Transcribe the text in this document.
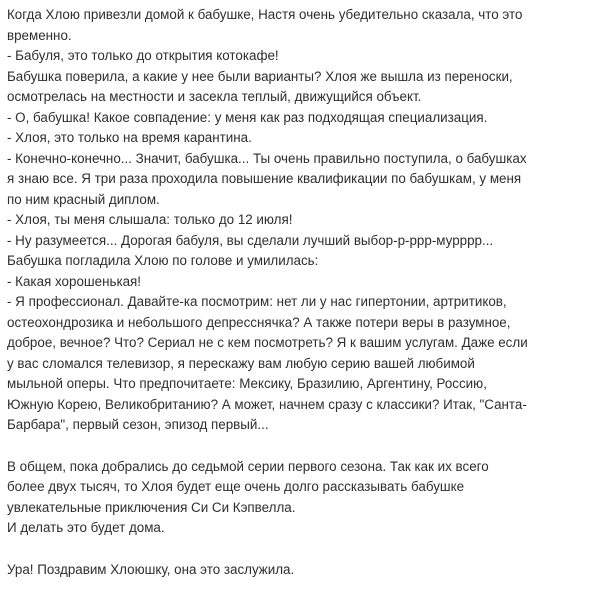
Когда Хлою привезли домой к бабушке, Настя очень убедительно сказала, что это
временно.
- Бабуля, это только до открытия котокафе!
Бабушка поверила, а какие у нее были варианты? Хлоя же вышла из переноски,
осмотрелась на местности и засекла теплый, движущийся объект.
- О, бабушка! Какое совпадение: у меня как раз подходящая специализация.
- Хлоя, это только на время карантина.
- Конечно-конечно... Значит, бабушка... Ты очень правильно поступила, о бабушках
я знаю все. Я три раза проходила повышение квалификации по бабушкам, у меня
по ним красный диплом.
- Хлоя, ты меня слышала: только до 12 июля!
- Ну разумеется... Дорогая бабуля, вы сделали лучший выбор-р-ррр-мурррр...
Бабушка погладила Хлою по голове и умилилась:
- Какая хорошенькая!
- Я профессионал. Давайте-ка посмотрим: нет ли у нас гипертонии, артритиков,
остеохондрозика и небольшого депресснячка? А также потери веры в разумное,
доброе, вечное? Что? Сериал не с кем посмотреть? Я к вашим услугам. Даже если
у вас сломался телевизор, я перескажу вам любую серию вашей любимой
мыльной оперы. Что предпочитаете: Мексику, Бразилию, Аргентину, Россию,
Южную Корею, Великобританию? А может, начнем сразу с классики? Итак, "Санта-
Барбара", первый сезон, эпизод первый...
В общем, пока добрались до седьмой серии первого сезона. Так как их всего
более двух тысяч, то Хлоя будет еще очень долго рассказывать бабушке
увлекательные приключения Си Си Кэпвелла.
И делать это будет дома.
Ура! Поздравим Хлоюшку, она это заслужила.
